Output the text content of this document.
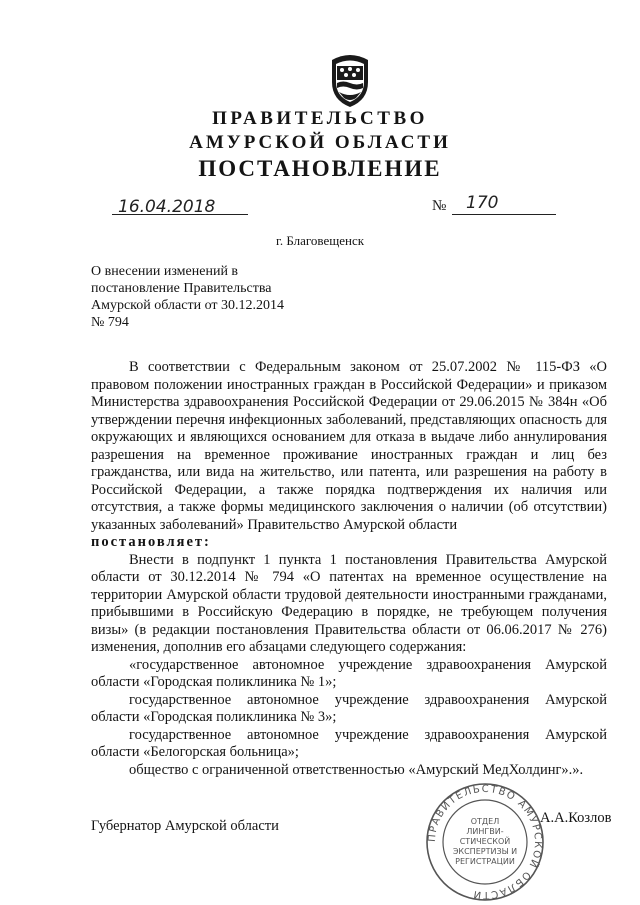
ПРАВИТЕЛЬСТВО
АМУРСКОЙ ОБЛАСТИ
ПОСТАНОВЛЕНИЕ
16.04.2018	№ 170
г. Благовещенск
О внесении изменений в
постановление Правительства
Амурской области от 30.12.2014
№ 794

В соответствии с Федеральным законом от 25.07.2002 № 115-ФЗ «О правовом положении иностранных граждан в Российской Федерации» и приказом Министерства здравоохранения Российской Федерации от 29.06.2015 № 384н «Об утверждении перечня инфекционных заболеваний, представляющих опасность для окружающих и являющихся основанием для отказа в выдаче либо аннулирования разрешения на временное проживание иностранных граждан и лиц без гражданства, или вида на жительство, или патента, или разрешения на работу в Российской Федерации, а также порядка подтверждения их наличия или отсутствия, а также формы медицинского заключения о наличии (об отсутствии) указанных заболеваний» Правительство Амурской области

постановляет:

Внести в подпункт 1 пункта 1 постановления Правительства Амурской области от 30.12.2014 № 794 «О патентах на временное осуществление на территории Амурской области трудовой деятельности иностранными гражданами, прибывшими в Российскую Федерацию в порядке, не требующем получения визы» (в редакции постановления Правительства области от 06.06.2017 № 276) изменения, дополнив его абзацами следующего содержания:

«государственное автономное учреждение здравоохранения Амурской области «Городская поликлиника № 1»;

государственное автономное учреждение здравоохранения Амурской области «Городская поликлиника № 3»;

государственное автономное учреждение здравоохранения Амурской области «Белогорская больница»;

общество с ограниченной ответственностью «Амурский МедХолдинг».».

Губернатор Амурской области
ПРАВИТЕЛЬСТВО АМУРСКОЙ ОБЛАСТИ
ОТДЕЛ
ЛИНГВИ-
СТИЧЕСКОЙ
ЭКСПЕРТИЗЫ И
РЕГИСТРАЦИИ
А.А.Козлов
